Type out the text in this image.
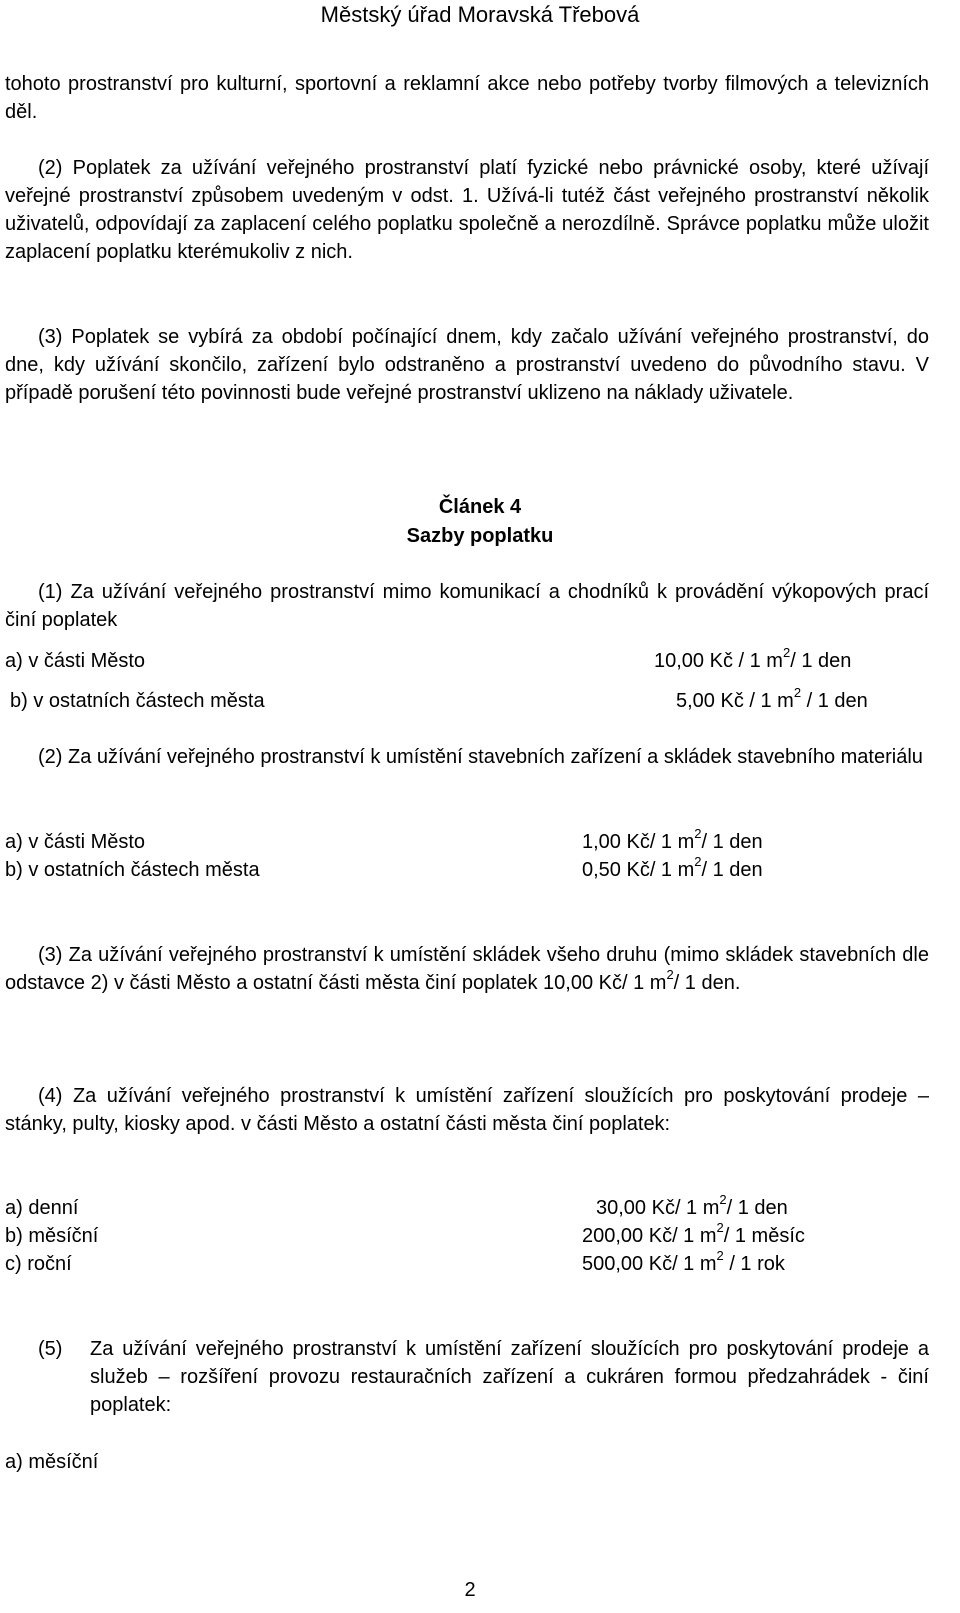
Městský úřad Moravská Třebová
tohoto prostranství pro kulturní, sportovní a reklamní akce nebo potřeby tvorby filmových a televizních děl.
(2) Poplatek za užívání veřejného prostranství platí fyzické nebo právnické osoby, které užívají veřejné prostranství způsobem uvedeným v odst. 1. Užívá-li tutéž část veřejného prostranství několik uživatelů, odpovídají za zaplacení celého poplatku společně a nerozdílně. Správce poplatku může uložit zaplacení poplatku kterémukoliv z nich.
(3) Poplatek se vybírá za období počínající dnem, kdy začalo užívání veřejného prostranství, do dne, kdy užívání skončilo, zařízení bylo odstraněno a prostranství uvedeno do původního stavu. V případě porušení této povinnosti bude veřejné prostranství uklizeno na náklady uživatele.
Článek 4
Sazby poplatku
(1) Za užívání veřejného prostranství mimo komunikací a chodníků k provádění výkopových prací činí poplatek
a) v části Město	10,00 Kč / 1 $m^2/$ 1 den
b) v ostatních částech města	5,00 Kč / 1 $m^2 / 1$ den
(2) Za užívání veřejného prostranství k umístění stavebních zařízení a skládek stavebního materiálu
a) v části Město	1,00 Kč/ 1 $m^2/$ 1 den
b) v ostatních částech města	0,50 Kč/ 1 $m^2/$ 1 den
(3) Za užívání veřejného prostranství k umístění skládek všeho druhu (mimo skládek stavebních dle odstavce 2) v části Město a ostatní části města činí poplatek 10,00 Kč/ 1 $m^2/$ 1 den.
(4) Za užívání veřejného prostranství k umístění zařízení sloužících pro poskytování prodeje – stánky, pulty, kiosky apod. v části Město a ostatní části města činí poplatek:
a) denní	30,00 Kč/ 1 $m^2/$ 1 den
b) měsíční	200,00 Kč/ 1 $m^2/$ 1 měsíc
c) roční	500,00 Kč/ 1 $m^2 / 1$ rok
(5) Za užívání veřejného prostranství k umístění zařízení sloužících pro poskytování prodeje a služeb – rozšíření provozu restauračních zařízení a cukráren formou předzahrádek - činí poplatek:
a) měsíční
2
